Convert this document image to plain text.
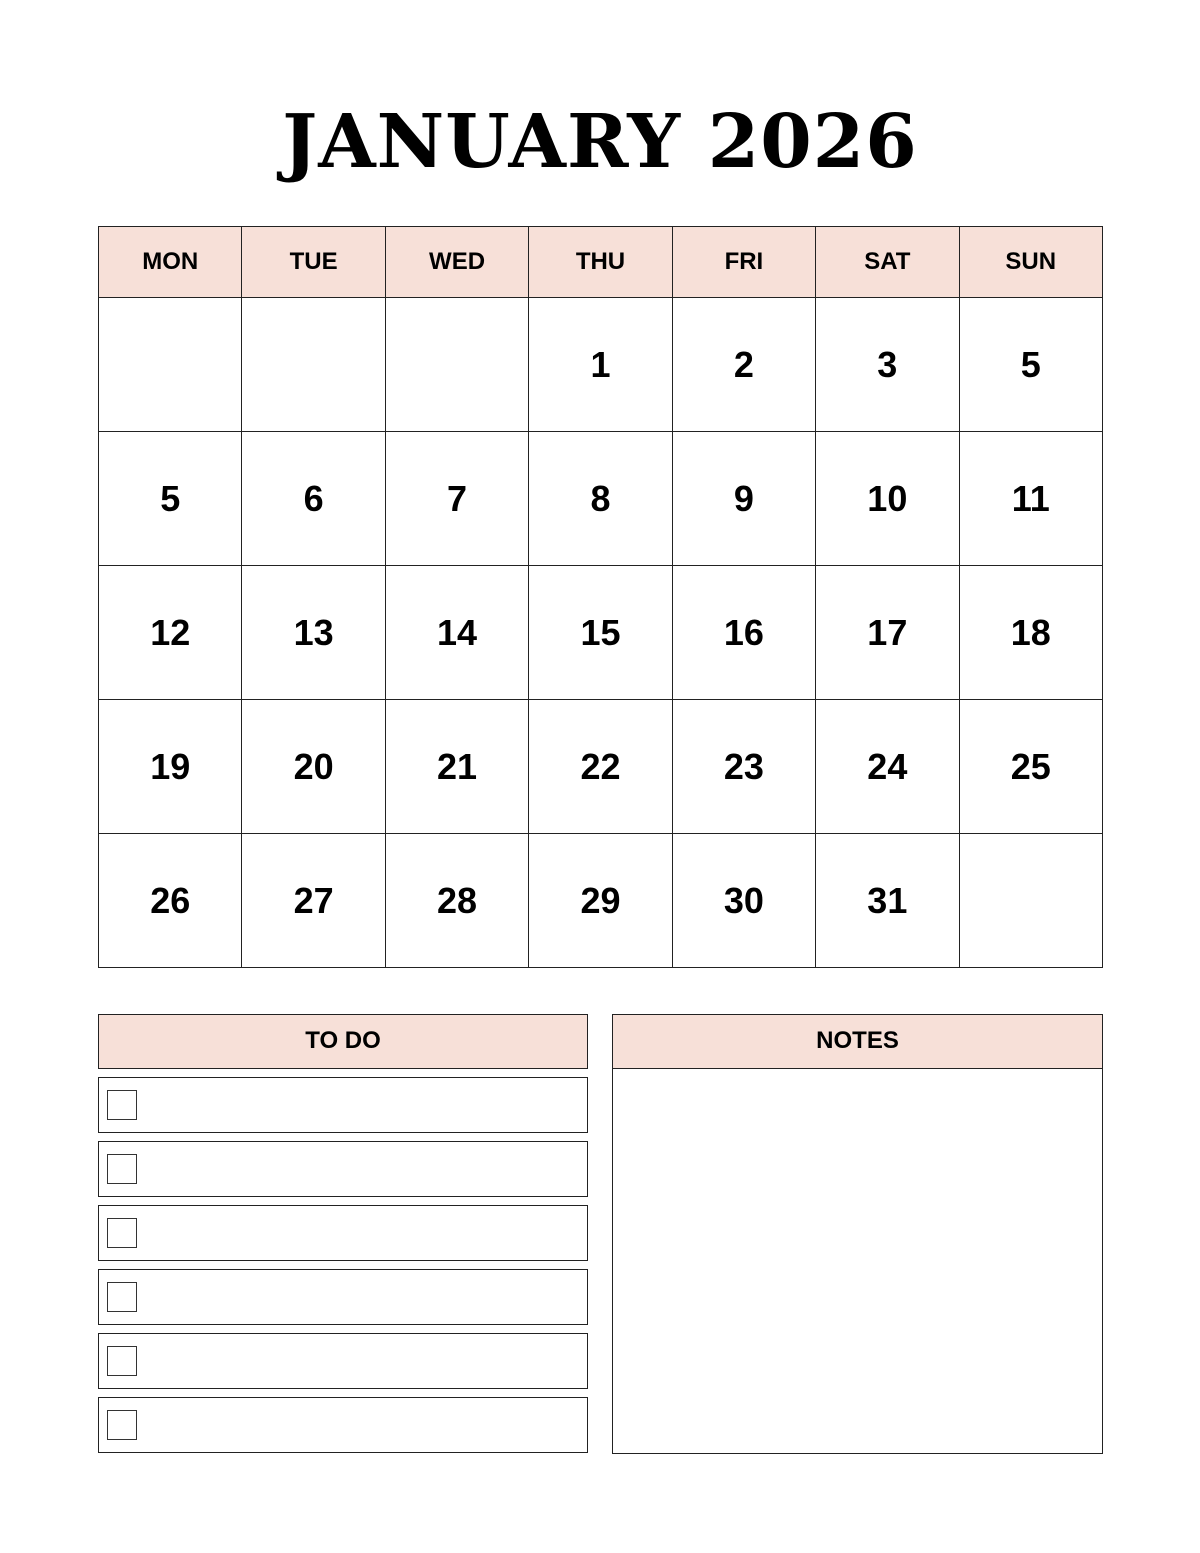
JANUARY 2026
MON	TUE	WED	THU	FRI	SAT	SUN
			1	2	3	5
5	6	7	8	9	10	11
12	13	14	15	16	17	18
19	20	21	22	23	24	25
26	27	28	29	30	31	
TO DO	NOTES
